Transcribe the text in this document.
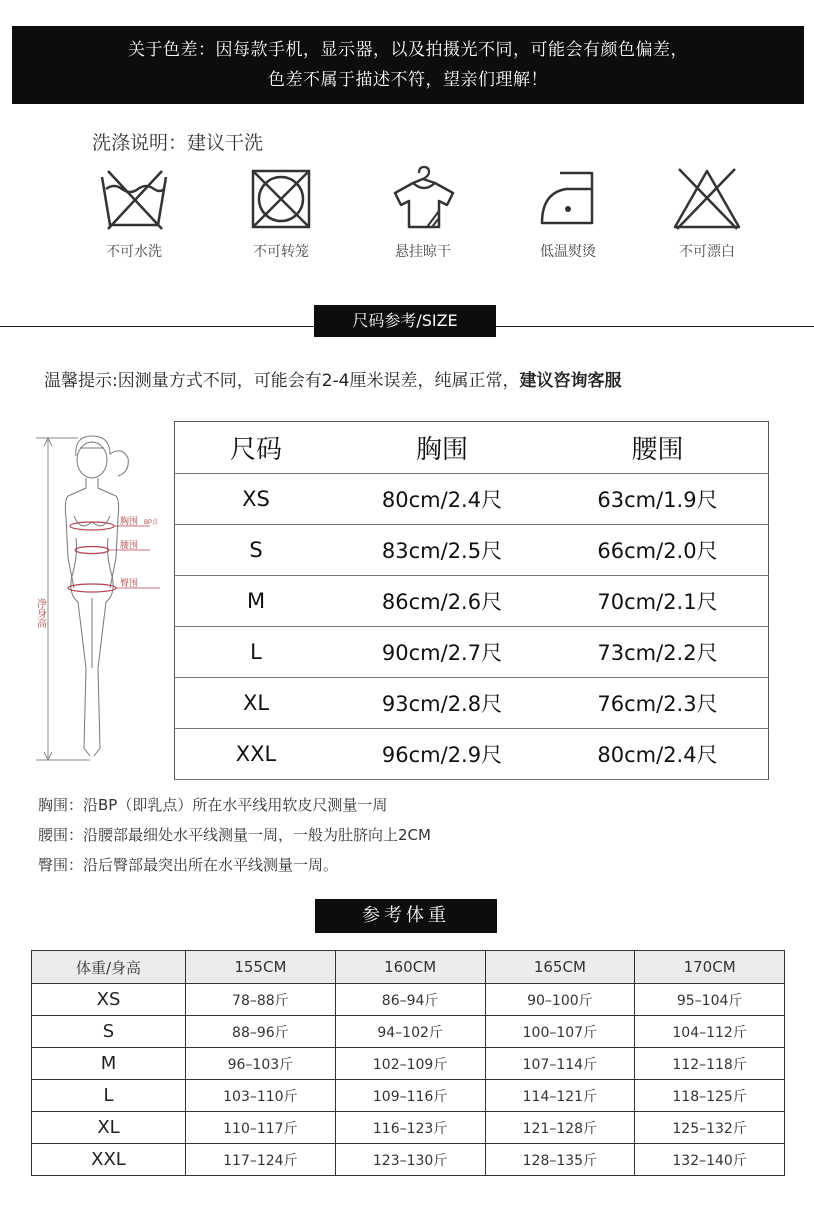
关于色差：因每款手机，显示器，以及拍摄光不同，可能会有颜色偏差，
色差不属于描述不符，望亲们理解！
洗涤说明：建议干洗
不可水洗	不可转笼	悬挂晾干	低温熨烫	不可漂白
尺码参考/SIZE
温馨提示:因测量方式不同，可能会有2-4厘米误差，纯属正常，建议咨询客服
净身高
胸围 BP点
腰围
臀围
尺码	胸围	腰围
XS	80cm/2.4尺	63cm/1.9尺
S	83cm/2.5尺	66cm/2.0尺
M	86cm/2.6尺	70cm/2.1尺
L	90cm/2.7尺	73cm/2.2尺
XL	93cm/2.8尺	76cm/2.3尺
XXL	96cm/2.9尺	80cm/2.4尺
胸围：沿BP（即乳点）所在水平线用软皮尺测量一周
腰围：沿腰部最细处水平线测量一周，一般为肚脐向上2CM
臀围：沿后臀部最突出所在水平线测量一周。
参考体重
体重/身高	155CM	160CM	165CM	170CM
XS	78–88斤	86–94斤	90–100斤	95–104斤
S	88–96斤	94–102斤	100–107斤	104–112斤
M	96–103斤	102–109斤	107–114斤	112–118斤
L	103–110斤	109–116斤	114–121斤	118–125斤
XL	110–117斤	116–123斤	121–128斤	125–132斤
XXL	117–124斤	123–130斤	128–135斤	132–140斤
